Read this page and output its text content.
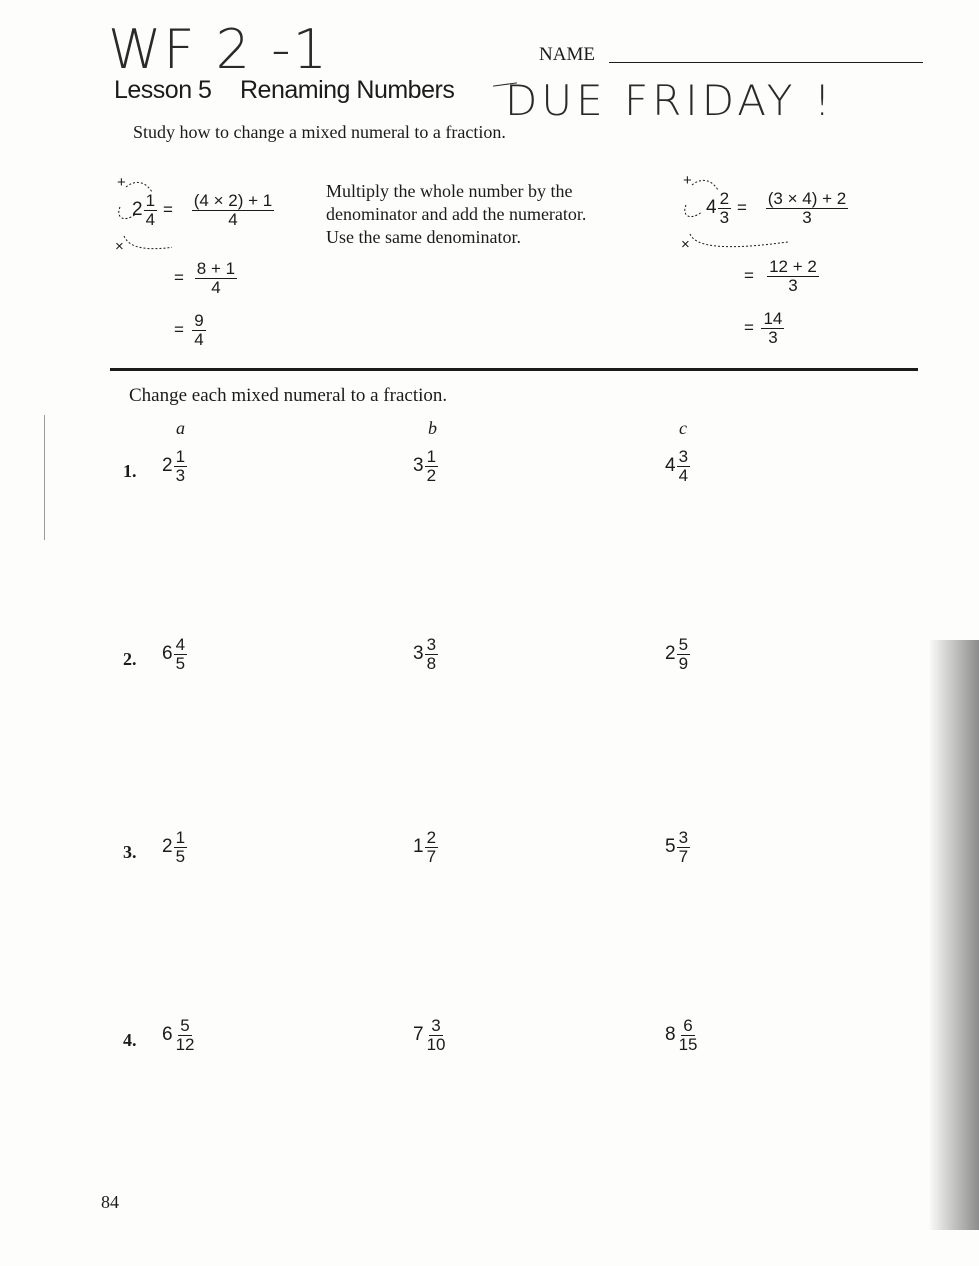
WF 2 -1	NAME
Lesson 5 Renaming Numbers DUE FRIDAY !
Study how to change a mixed numeral to a fraction.
+
×
$2 \frac{1}{4} = \frac{(4 \times 2) + 1}{4}$
= $\frac{8 + 1}{4}$
= $\frac{9}{4}$
Multiply the whole number by the
denominator and add the numerator.
Use the same denominator.
+
×
$4 \frac{2}{3} = \frac{(3 \times 4) + 2}{3}$
= $\frac{12 + 2}{3}$
= $\frac{14}{3}$
Change each mixed numeral to a fraction.
a	b	c
1. $2 \frac{1}{3}$	$3 \frac{1}{2}$	$4 \frac{3}{4}$
2. $6 \frac{4}{5}$	$3 \frac{3}{8}$	$2 \frac{5}{9}$
3. $2 \frac{1}{5}$	$1 \frac{2}{7}$	$5 \frac{3}{7}$
4. $6 \frac{5}{12}$	$7 \frac{3}{10}$	$8 \frac{6}{15}$
84
